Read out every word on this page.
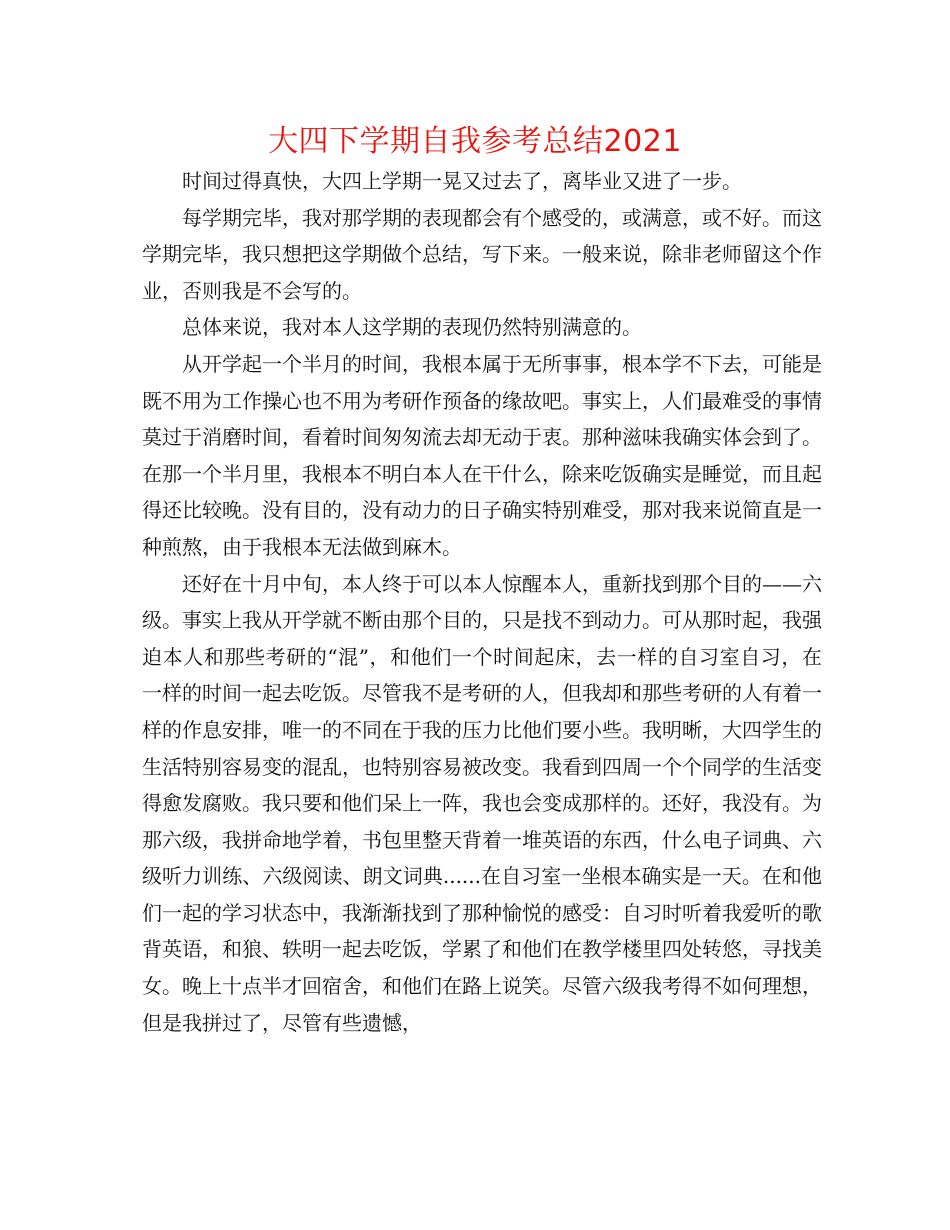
大四下学期自我参考总结2021

时间过得真快，大四上学期一晃又过去了，离毕业又进了一步。

每学期完毕，我对那学期的表现都会有个感受的，或满意，或不好。而这学期完毕，我只想把这学期做个总结，写下来。一般来说，除非老师留这个作业，否则我是不会写的。

总体来说，我对本人这学期的表现仍然特别满意的。

从开学起一个半月的时间，我根本属于无所事事，根本学不下去，可能是既不用为工作操心也不用为考研作预备的缘故吧。事实上，人们最难受的事情莫过于消磨时间，看着时间匆匆流去却无动于衷。那种滋味我确实体会到了。在那一个半月里，我根本不明白本人在干什么，除来吃饭确实是睡觉，而且起得还比较晚。没有目的，没有动力的日子确实特别难受，那对我来说简直是一种煎熬，由于我根本无法做到麻木。

还好在十月中旬，本人终于可以本人惊醒本人，重新找到那个目的——六级。事实上我从开学就不断由那个目的，只是找不到动力。可从那时起，我强迫本人和那些考研的“混”，和他们一个时间起床，去一样的自习室自习，在一样的时间一起去吃饭。尽管我不是考研的人，但我却和那些考研的人有着一样的作息安排，唯一的不同在于我的压力比他们要小些。我明晰，大四学生的生活特别容易变的混乱，也特别容易被改变。我看到四周一个个同学的生活变得愈发腐败。我只要和他们呆上一阵，我也会变成那样的。还好，我没有。为那六级，我拼命地学着，书包里整天背着一堆英语的东西，什么电子词典、六级听力训练、六级阅读、朗文词典......在自习室一坐根本确实是一天。在和他们一起的学习状态中，我渐渐找到了那种愉悦的感受：自习时听着我爱听的歌背英语，和狼、轶明一起去吃饭，学累了和他们在教学楼里四处转悠，寻找美女。晚上十点半才回宿舍，和他们在路上说笑。尽管六级我考得不如何理想，但是我拼过了，尽管有些遗憾，
